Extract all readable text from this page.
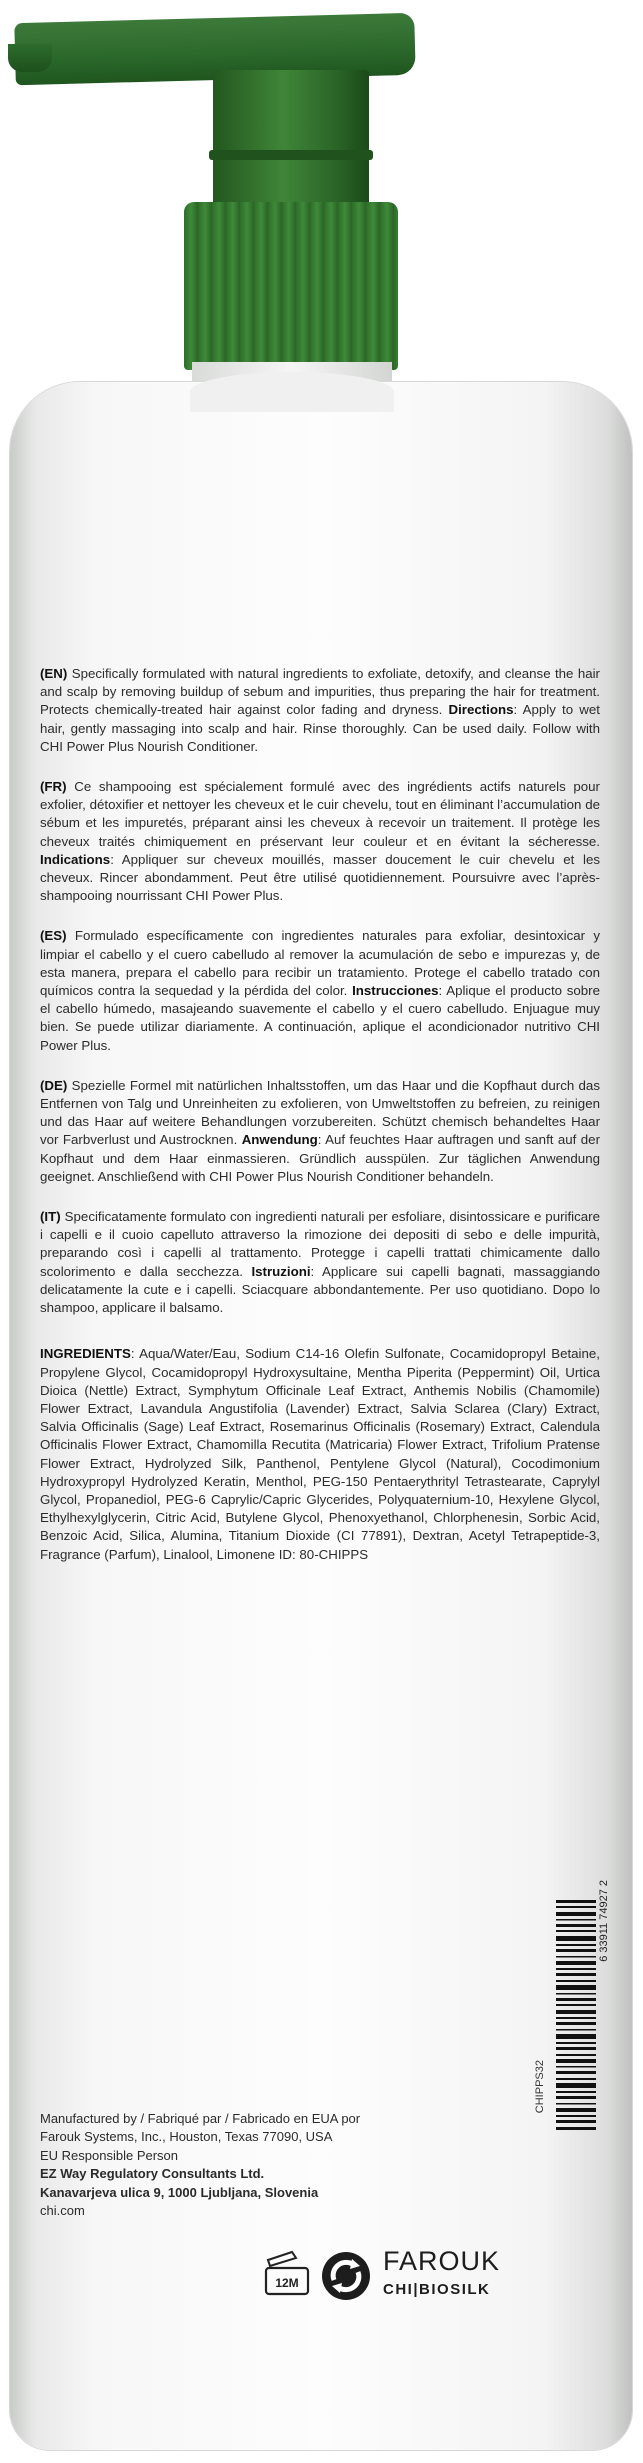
(EN) Specifically formulated with natural ingredients to exfoliate, detoxify, and cleanse the hair and scalp by removing buildup of sebum and impurities, thus preparing the hair for treatment. Protects chemically-treated hair against color fading and dryness. Directions: Apply to wet hair, gently massaging into scalp and hair. Rinse thoroughly. Can be used daily. Follow with CHI Power Plus Nourish Conditioner.

(FR) Ce shampooing est spécialement formulé avec des ingrédients actifs naturels pour exfolier, détoxifier et nettoyer les cheveux et le cuir chevelu, tout en éliminant l’accumulation de sébum et les impuretés, préparant ainsi les cheveux à recevoir un traitement. Il protège les cheveux traités chimiquement en préservant leur couleur et en évitant la sécheresse. Indications: Appliquer sur cheveux mouillés, masser doucement le cuir chevelu et les cheveux. Rincer abondamment. Peut être utilisé quotidiennement. Poursuivre avec l’après-shampooing nourrissant CHI Power Plus.

(ES) Formulado específicamente con ingredientes naturales para exfoliar, desintoxicar y limpiar el cabello y el cuero cabelludo al remover la acumulación de sebo e impurezas y, de esta manera, prepara el cabello para recibir un tratamiento. Protege el cabello tratado con químicos contra la sequedad y la pérdida del color. Instrucciones: Aplique el producto sobre el cabello húmedo, masajeando suavemente el cabello y el cuero cabelludo. Enjuague muy bien. Se puede utilizar diariamente. A continuación, aplique el acondicionador nutritivo CHI Power Plus.

(DE) Spezielle Formel mit natürlichen Inhaltsstoffen, um das Haar und die Kopfhaut durch das Entfernen von Talg und Unreinheiten zu exfolieren, von Umweltstoffen zu befreien, zu reinigen und das Haar auf weitere Behandlungen vorzubereiten. Schützt chemisch behandeltes Haar vor Farbverlust und Austrocknen. Anwendung: Auf feuchtes Haar auftragen und sanft auf der Kopfhaut und dem Haar einmassieren. Gründlich ausspülen. Zur täglichen Anwendung geeignet. Anschließend with CHI Power Plus Nourish Conditioner behandeln.

(IT) Specificatamente formulato con ingredienti naturali per esfoliare, disintossicare e purificare i capelli e il cuoio capelluto attraverso la rimozione dei depositi di sebo e delle impurità, preparando così i capelli al trattamento. Protegge i capelli trattati chimicamente dallo scolorimento e dalla secchezza. Istruzioni: Applicare sui capelli bagnati, massaggiando delicatamente la cute e i capelli. Sciacquare abbondantemente. Per uso quotidiano. Dopo lo shampoo, applicare il balsamo.

INGREDIENTS: Aqua/Water/Eau, Sodium C14-16 Olefin Sulfonate, Cocamidopropyl Betaine, Propylene Glycol, Cocamidopropyl Hydroxysultaine, Mentha Piperita (Peppermint) Oil, Urtica Dioica (Nettle) Extract, Symphytum Officinale Leaf Extract, Anthemis Nobilis (Chamomile) Flower Extract, Lavandula Angustifolia (Lavender) Extract, Salvia Sclarea (Clary) Extract, Salvia Officinalis (Sage) Leaf Extract, Rosemarinus Officinalis (Rosemary) Extract, Calendula Officinalis Flower Extract, Chamomilla Recutita (Matricaria) Flower Extract, Trifolium Pratense Flower Extract, Hydrolyzed Silk, Panthenol, Pentylene Glycol (Natural), Cocodimonium Hydroxypropyl Hydrolyzed Keratin, Menthol, PEG-150 Pentaerythrityl Tetrastearate, Caprylyl Glycol, Propanediol, PEG-6 Caprylic/Capric Glycerides, Polyquaternium-10, Hexylene Glycol, Ethylhexylglycerin, Citric Acid, Butylene Glycol, Phenoxyethanol, Chlorphenesin, Sorbic Acid, Benzoic Acid, Silica, Alumina, Titanium Dioxide (CI 77891), Dextran, Acetyl Tetrapeptide-3, Fragrance (Parfum), Linalool, Limonene ID: 80-CHIPPS

Manufactured by / Fabriqué par / Fabricado en EUA por
Farouk Systems, Inc., Houston, Texas 77090, USA
EU Responsible Person
EZ Way Regulatory Consultants Ltd.
Kanavarjeva ulica 9, 1000 Ljubljana, Slovenia
chi.com
6 33911 74927 2
CHIPPS32
12M
FAROUK
CHI|BIOSILK
